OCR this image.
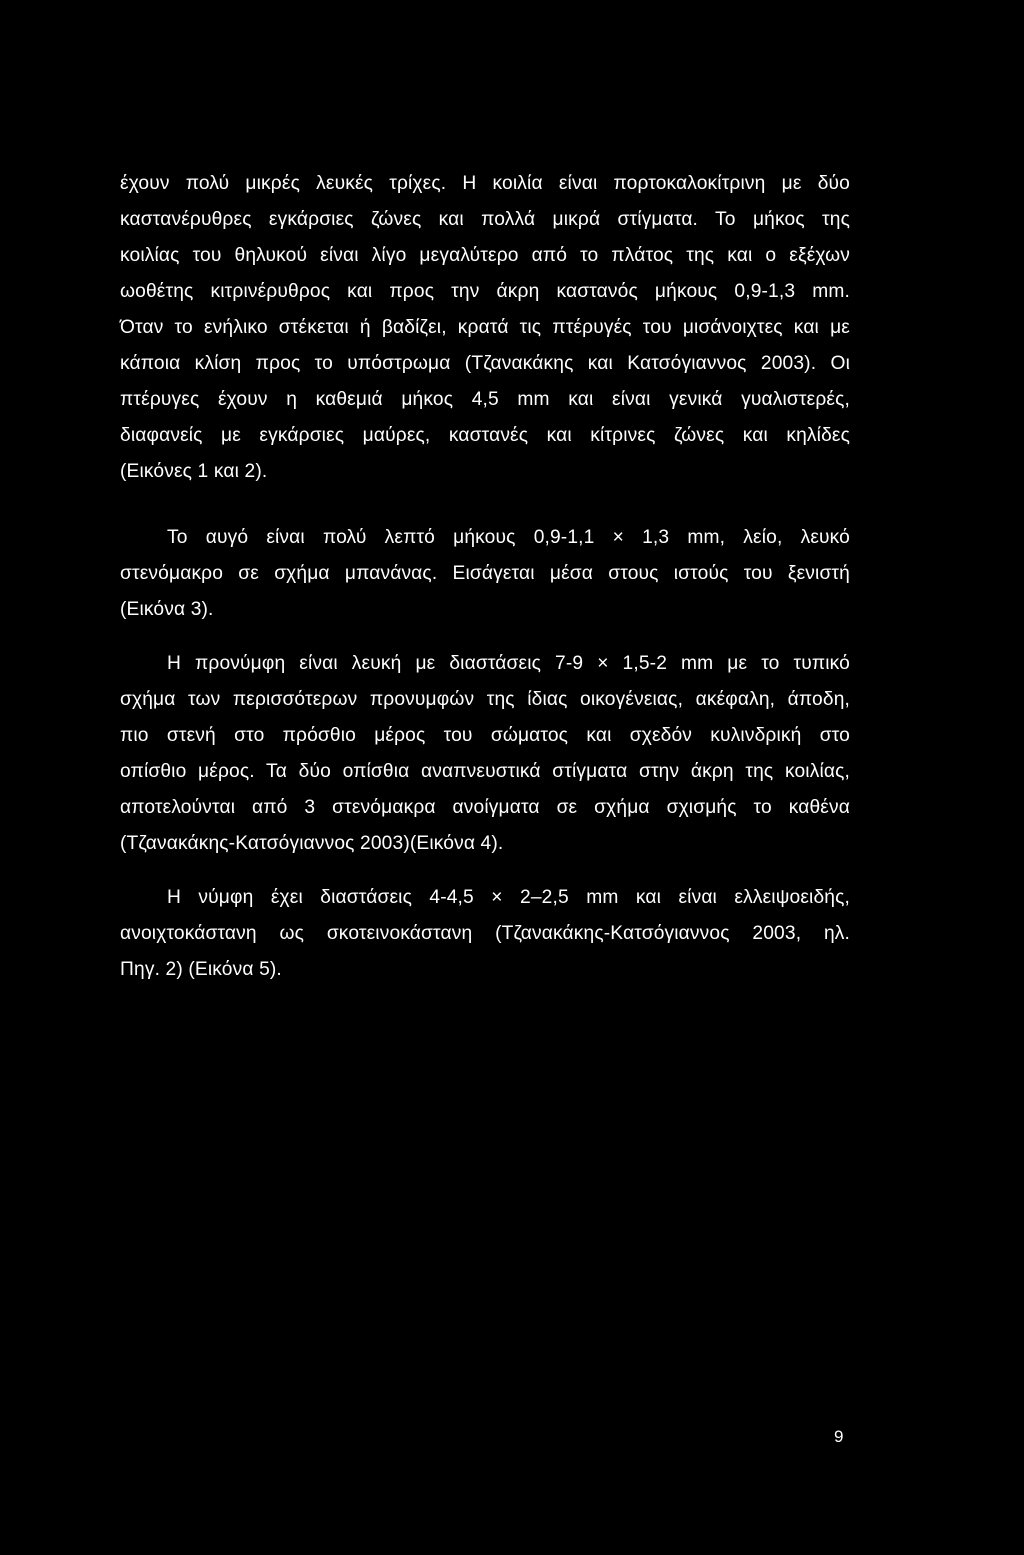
έχουν πολύ μικρές λευκές τρίχες. Η κοιλία είναι πορτοκαλοκίτρινη με δύο
καστανέρυθρες εγκάρσιες ζώνες και πολλά μικρά στίγματα. Το μήκος της
κοιλίας του θηλυκού είναι λίγο μεγαλύτερο από το πλάτος της και ο εξέχων
ωοθέτης κιτρινέρυθρος και προς την άκρη καστανός μήκους 0,9-1,3 mm.
Όταν το ενήλικο στέκεται ή βαδίζει, κρατά τις πτέρυγές του μισάνοιχτες και με
κάποια κλίση προς το υπόστρωμα (Τζανακάκης και Κατσόγιαννος 2003). Οι
πτέρυγες έχουν η καθεμιά μήκος 4,5 mm και είναι γενικά γυαλιστερές,
διαφανείς με εγκάρσιες μαύρες, καστανές και κίτρινες ζώνες και κηλίδες
(Εικόνες 1 και 2).
Το αυγό είναι πολύ λεπτό μήκους 0,9-1,1 × 1,3 mm, λείο, λευκό
στενόμακρο σε σχήμα μπανάνας. Εισάγεται μέσα στους ιστούς του ξενιστή
(Εικόνα 3).
Η προνύμφη είναι λευκή με διαστάσεις 7-9 × 1,5-2 mm με το τυπικό
σχήμα των περισσότερων προνυμφών της ίδιας οικογένειας, ακέφαλη, άποδη,
πιο στενή στο πρόσθιο μέρος του σώματος και σχεδόν κυλινδρική στο
οπίσθιο μέρος. Τα δύο οπίσθια αναπνευστικά στίγματα στην άκρη της κοιλίας,
αποτελούνται από 3 στενόμακρα ανοίγματα σε σχήμα σχισμής το καθένα
(Τζανακάκης-Κατσόγιαννος 2003)(Εικόνα 4).
Η νύμφη έχει διαστάσεις 4-4,5 × 2–2,5 mm και είναι ελλειψοειδής,
ανοιχτοκάστανη ως σκοτεινοκάστανη (Τζανακάκης-Κατσόγιαννος 2003, ηλ.
Πηγ. 2) (Εικόνα 5).
9
